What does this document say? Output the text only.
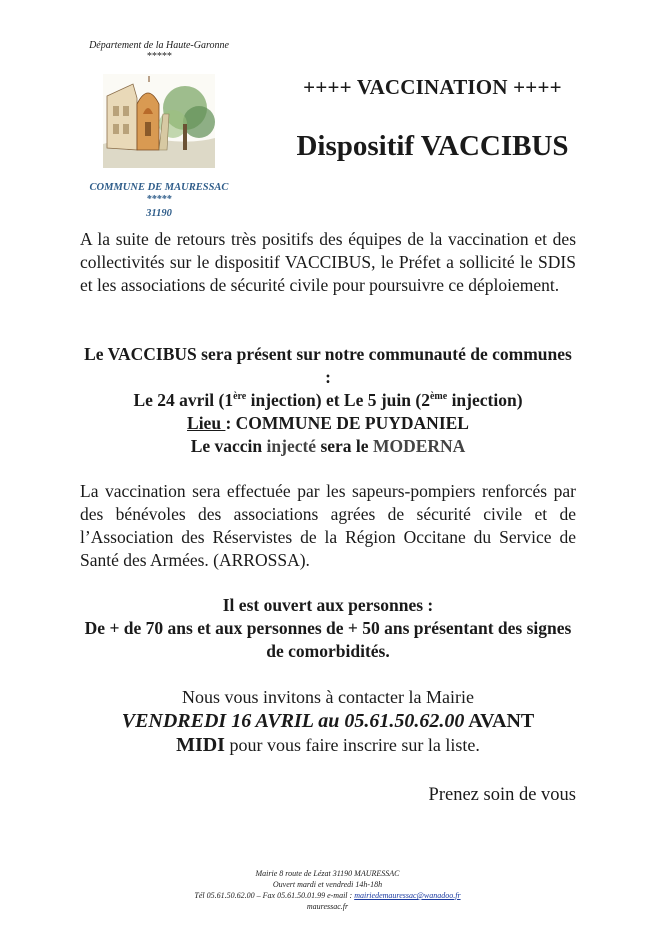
Département de la Haute-Garonne
*****
COMMUNE DE MAURESSAC
*****
31190
++++ VACCINATION ++++
Dispositif VACCIBUS
A la suite de retours très positifs des équipes de la vaccination et des collectivités sur le dispositif VACCIBUS, le Préfet a sollicité le SDIS et les associations de sécurité civile pour poursuivre ce déploiement.
Le VACCIBUS sera présent sur notre communauté de communes :
Le 24 avril (1ère injection) et Le 5 juin (2ème injection)
Lieu : COMMUNE DE PUYDANIEL
Le vaccin injecté sera le MODERNA
La vaccination sera effectuée par les sapeurs-pompiers renforcés par des bénévoles des associations agrées de sécurité civile et de l’Association des Réservistes de la Région Occitane du Service de Santé des Armées. (ARROSSA).
Il est ouvert aux personnes :
De + de 70 ans et aux personnes de + 50 ans présentant des signes de comorbidités.
Nous vous invitons à contacter la Mairie
VENDREDI 16 AVRIL au 05.61.50.62.00 AVANT
MIDI pour vous faire inscrire sur la liste.
Prenez soin de vous
Mairie 8 route de Lézat 31190 MAURESSAC
Ouvert mardi et vendredi 14h-18h
Tél 05.61.50.62.00 – Fax 05.61.50.01.99 e-mail : mairiedemauressac@wanadoo.fr
mauressac.fr
